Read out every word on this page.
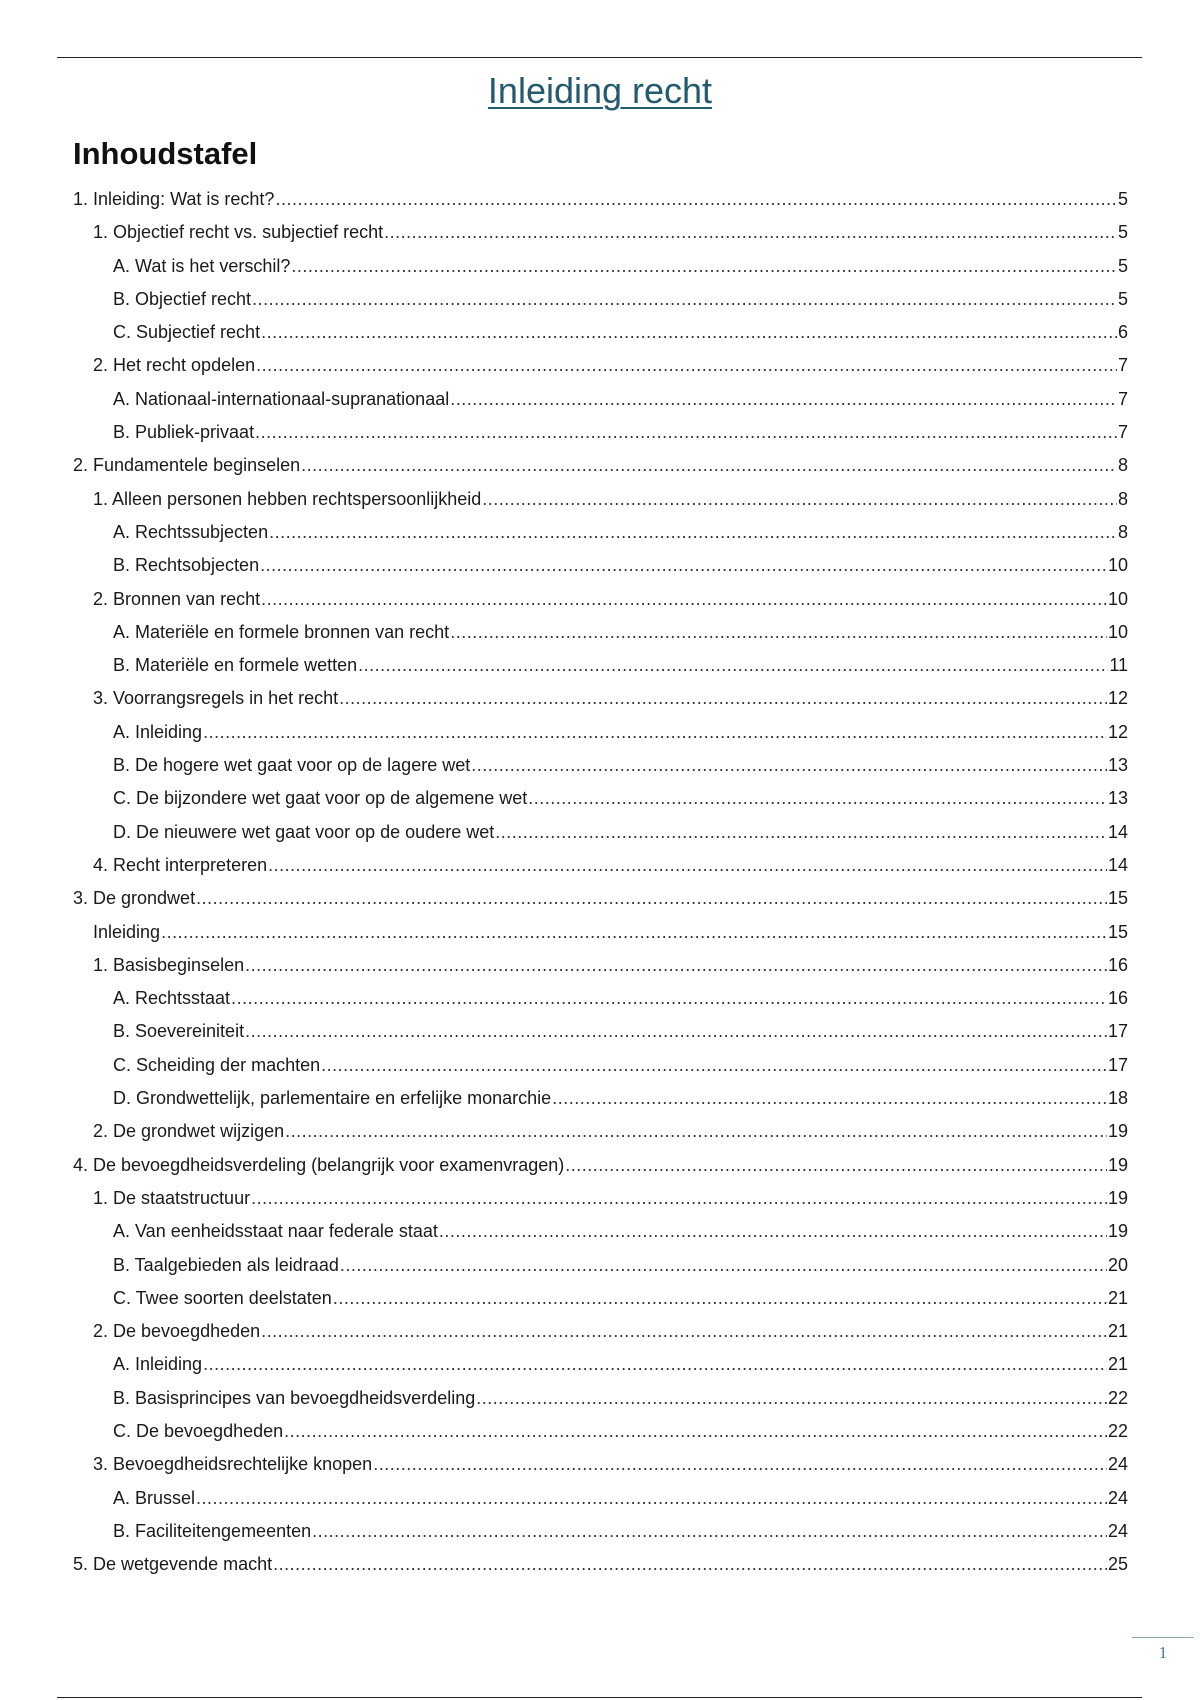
Inleiding recht
Inhoudstafel
1. Inleiding: Wat is recht? .....	5
1. Objectief recht vs. subjectief recht .....	5
A. Wat is het verschil? .....	5
B. Objectief recht .....	5
C. Subjectief recht .....	6
2. Het recht opdelen .....	7
A. Nationaal-internationaal-supranationaal .....	7
B. Publiek-privaat .....	7
2. Fundamentele beginselen .....	8
1. Alleen personen hebben rechtspersoonlijkheid .....	8
A. Rechtssubjecten .....	8
B. Rechtsobjecten .....	10
2. Bronnen van recht .....	10
A. Materiële en formele bronnen van recht .....	10
B. Materiële en formele wetten .....	11
3. Voorrangsregels in het recht .....	12
A. Inleiding .....	12
B. De hogere wet gaat voor op de lagere wet .....	13
C. De bijzondere wet gaat voor op de algemene wet .....	13
D. De nieuwere wet gaat voor op de oudere wet .....	14
4. Recht interpreteren .....	14
3. De grondwet .....	15
Inleiding .....	15
1. Basisbeginselen .....	16
A. Rechtsstaat .....	16
B. Soevereiniteit .....	17
C. Scheiding der machten .....	17
D. Grondwettelijk, parlementaire en erfelijke monarchie .....	18
2. De grondwet wijzigen .....	19
4. De bevoegdheidsverdeling (belangrijk voor examenvragen) .....	19
1. De staatstructuur .....	19
A. Van eenheidsstaat naar federale staat .....	19
B. Taalgebieden als leidraad .....	20
C. Twee soorten deelstaten .....	21
2. De bevoegdheden .....	21
A. Inleiding .....	21
B. Basisprincipes van bevoegdheidsverdeling .....	22
C. De bevoegdheden .....	22
3. Bevoegdheidsrechtelijke knopen .....	24
A. Brussel .....	24
B. Faciliteitengemeenten .....	24
5. De wetgevende macht .....	25
1
